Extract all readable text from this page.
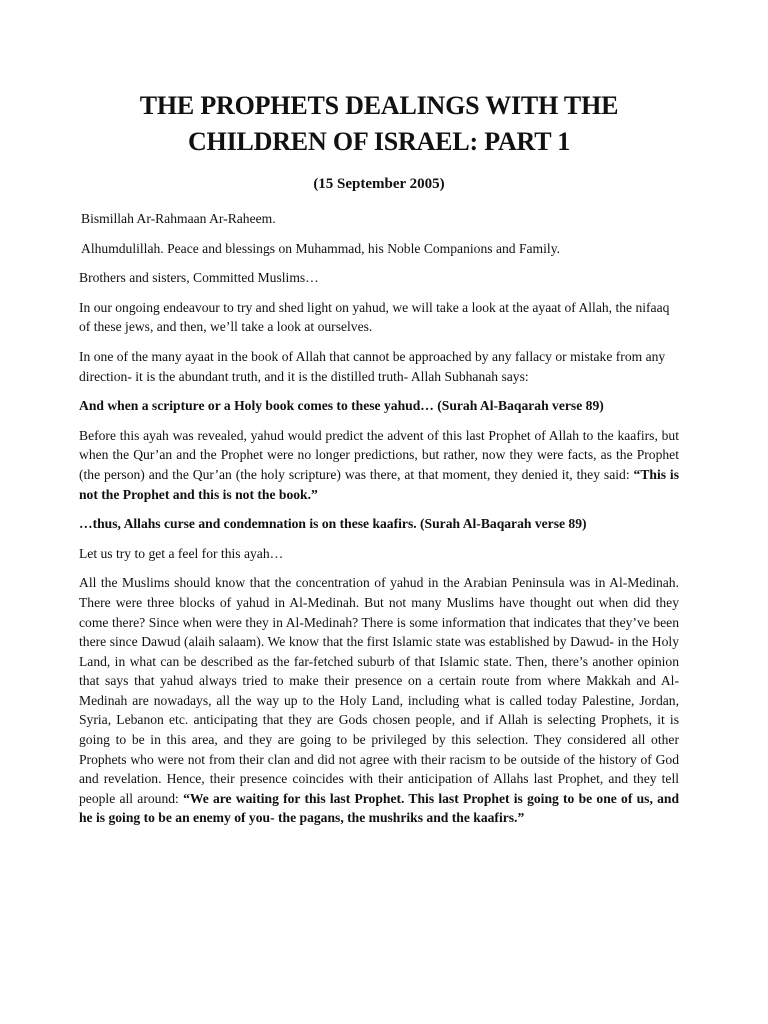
THE PROPHETS DEALINGS WITH THE
CHILDREN OF ISRAEL: PART 1

(15 September 2005)

Bismillah Ar-Rahmaan Ar-Raheem.

Alhumdulillah. Peace and blessings on Muhammad, his Noble Companions and Family.

Brothers and sisters, Committed Muslims…

In our ongoing endeavour to try and shed light on yahud, we will take a look at the ayaat of Allah, the nifaaq of these jews, and then, we’ll take a look at ourselves.

In one of the many ayaat in the book of Allah that cannot be approached by any fallacy or mistake from any direction- it is the abundant truth, and it is the distilled truth- Allah Subhanah says:

And when a scripture or a Holy book comes to these yahud… (Surah Al-Baqarah verse 89)

Before this ayah was revealed, yahud would predict the advent of this last Prophet of Allah to the kaafirs, but when the Qur’an and the Prophet were no longer predictions, but rather, now they were facts, as the Prophet (the person) and the Qur’an (the holy scripture) was there, at that moment, they denied it, they said: “This is not the Prophet and this is not the book.”

…thus, Allahs curse and condemnation is on these kaafirs. (Surah Al-Baqarah verse 89)

Let us try to get a feel for this ayah…

All the Muslims should know that the concentration of yahud in the Arabian Peninsula was in Al-Medinah. There were three blocks of yahud in Al-Medinah. But not many Muslims have thought out when did they come there? Since when were they in Al-Medinah? There is some information that indicates that they’ve been there since Dawud (alaih salaam). We know that the first Islamic state was established by Dawud- in the Holy Land, in what can be described as the far-fetched suburb of that Islamic state. Then, there’s another opinion that says that yahud always tried to make their presence on a certain route from where Makkah and Al-Medinah are nowadays, all the way up to the Holy Land, including what is called today Palestine, Jordan, Syria, Lebanon etc. anticipating that they are Gods chosen people, and if Allah is selecting Prophets, it is going to be in this area, and they are going to be privileged by this selection. They considered all other Prophets who were not from their clan and did not agree with their racism to be outside of the history of God and revelation. Hence, their presence coincides with their anticipation of Allahs last Prophet, and they tell people all around: “We are waiting for this last Prophet. This last Prophet is going to be one of us, and he is going to be an enemy of you- the pagans, the mushriks and the kaafirs.”
